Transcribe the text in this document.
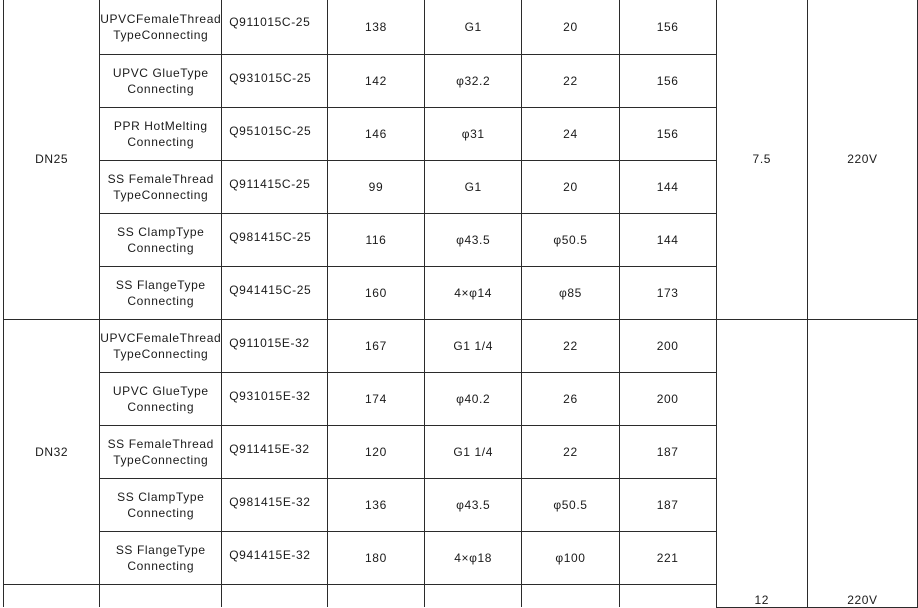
DN25	UPVCFemaleThread
TypeConnecting	Q911015C-25	138	G1	20	156	7.5	220V

	UPVC GlueType
Connecting	Q931015C-25	142	φ32.2	22	156		

	PPR HotMelting
Connecting	Q951015C-25	146	φ31	24	156		

	SS FemaleThread
TypeConnecting	Q911415C-25	99	G1	20	144		

	SS ClampType
Connecting	Q981415C-25	116	φ43.5	φ50.5	144		

	SS FlangeType
Connecting	Q941415C-25	160	4×φ14	φ85	173		
DN32	UPVCFemaleThread
TypeConnecting	Q911015E-32	167	G1 1/4	22	200	12	220V

	UPVC GlueType
Connecting	Q931015E-32	174	φ40.2	26	200		

	SS FemaleThread
TypeConnecting	Q911415E-32	120	G1 1/4	22	187		

	SS ClampType
Connecting	Q981415E-32	136	φ43.5	φ50.5	187		

	SS FlangeType
Connecting	Q941415E-32	180	4×φ18	φ100	221		
